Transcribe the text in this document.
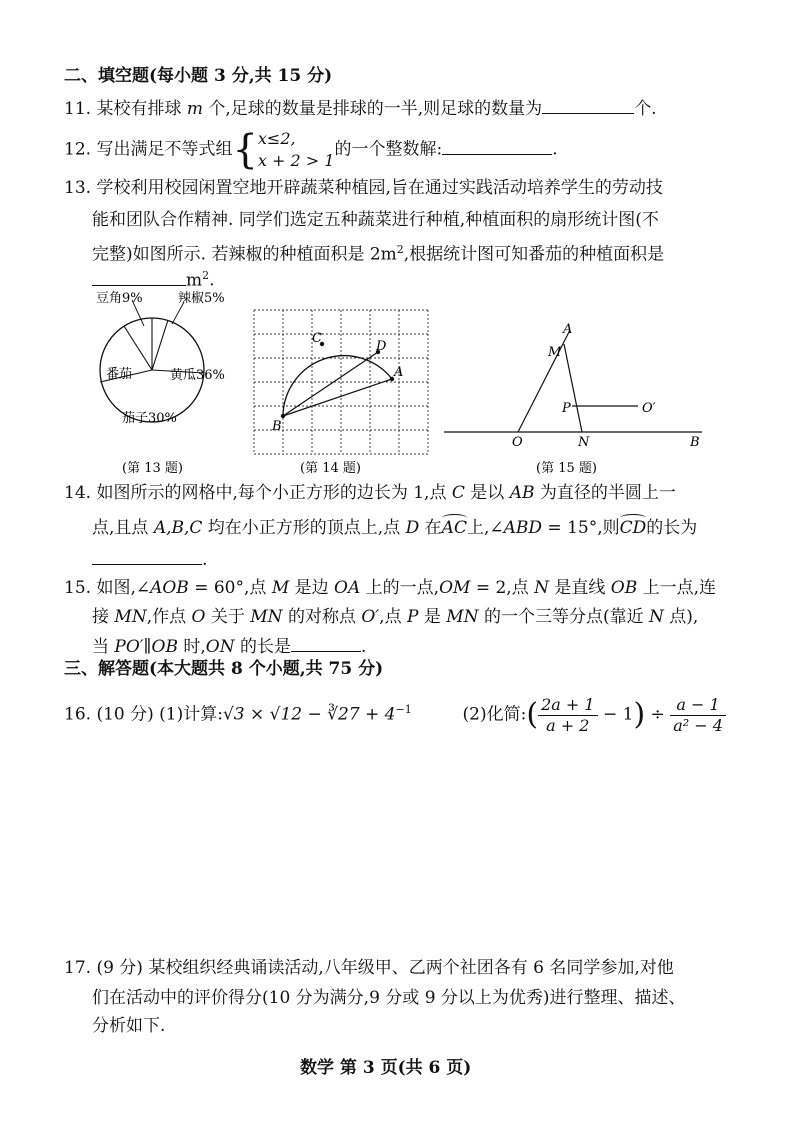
二、填空题(每小题 3 分,共 15 分)
11. 某校有排球 m 个,足球的数量是排球的一半,则足球的数量为	个.
12. 写出满足不等式组{ x≤2,
x + 2 > 1
的一个整数解:	.
13. 学校利用校园闲置空地开辟蔬菜种植园,旨在通过实践活动培养学生的劳动技
能和团队合作精神. 同学们选定五种蔬菜进行种植,种植面积的扇形统计图(不
完整)如图所示. 若辣椒的种植面积是 $2m^2$,根据统计图可知番茄的种植面积是
$m^2$.
豆角9%	辣椒5%
番茄	黄瓜36%
茄子30%
(第 13 题)
C
D
A
B
(第 14 题)
A
M
P	O′
O	N	B
(第 15 题)
14. 如图所示的网格中,每个小正方形的边长为 1,点 C 是以 AB 为直径的半圆上一
点,且点 A,B,C 均在小正方形的顶点上,点 D 在AC上,∠ABD = 15°,则CD的长为
.
15. 如图,∠AOB = 60°,点 M 是边 OA 上的一点,OM = 2,点 N 是直线 OB 上一点,连
接 MN,作点 O 关于 MN 的对称点 O′,点 P 是 MN 的一个三等分点(靠近 N 点),
当 PO′∥OB 时,ON 的长是	.
三、解答题(本大题共 8 个小题,共 75 分)
16. (10 分) (1)计算:√3 × √12 − ∛27 + $4^{-1}$	(2)化简:( $\frac{2a + 1}{a + 2} - 1) \div \frac{a - 1}{\text{a² − 4}}$
17. (9 分) 某校组织经典诵读活动,八年级甲、乙两个社团各有 6 名同学参加,对他
们在活动中的评价得分(10 分为满分,9 分或 9 分以上为优秀)进行整理、描述、
分析如下.
数学 第 3 页(共 6 页)
